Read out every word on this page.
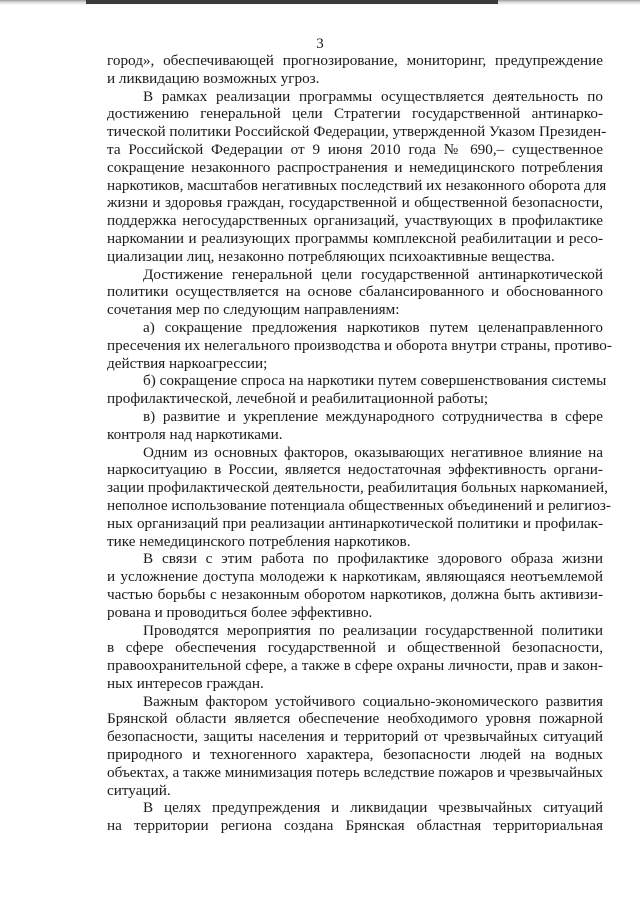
3
город», обеспечивающей прогнозирование, мониторинг, предупреждение
и ликвидацию возможных угроз.
В рамках реализации программы осуществляется деятельность по
достижению генеральной цели Стратегии государственной антинарко-
тической политики Российской Федерации, утвержденной Указом Президен-
та Российской Федерации от 9 июня 2010 года № 690,– существенное
сокращение незаконного распространения и немедицинского потребления
наркотиков, масштабов негативных последствий их незаконного оборота для
жизни и здоровья граждан, государственной и общественной безопасности,
поддержка негосударственных организаций, участвующих в профилактике
наркомании и реализующих программы комплексной реабилитации и ресо-
циализации лиц, незаконно потребляющих психоактивные вещества.
Достижение генеральной цели государственной антинаркотической
политики осуществляется на основе сбалансированного и обоснованного
сочетания мер по следующим направлениям:
а) сокращение предложения наркотиков путем целенаправленного
пресечения их нелегального производства и оборота внутри страны, противо-
действия наркоагрессии;
б) сокращение спроса на наркотики путем совершенствования системы
профилактической, лечебной и реабилитационной работы;
в) развитие и укрепление международного сотрудничества в сфере
контроля над наркотиками.
Одним из основных факторов, оказывающих негативное влияние на
наркоситуацию в России, является недостаточная эффективность органи-
зации профилактической деятельности, реабилитация больных наркоманией,
неполное использование потенциала общественных объединений и религиоз-
ных организаций при реализации антинаркотической политики и профилак-
тике немедицинского потребления наркотиков.
В связи с этим работа по профилактике здорового образа жизни
и усложнение доступа молодежи к наркотикам, являющаяся неотъемлемой
частью борьбы с незаконным оборотом наркотиков, должна быть активизи-
рована и проводиться более эффективно.
Проводятся мероприятия по реализации государственной политики
в сфере обеспечения государственной и общественной безопасности,
правоохранительной сфере, а также в сфере охраны личности, прав и закон-
ных интересов граждан.
Важным фактором устойчивого социально-экономического развития
Брянской области является обеспечение необходимого уровня пожарной
безопасности, защиты населения и территорий от чрезвычайных ситуаций
природного и техногенного характера, безопасности людей на водных
объектах, а также минимизация потерь вследствие пожаров и чрезвычайных
ситуаций.
В целях предупреждения и ликвидации чрезвычайных ситуаций
на территории региона создана Брянская областная территориальная
